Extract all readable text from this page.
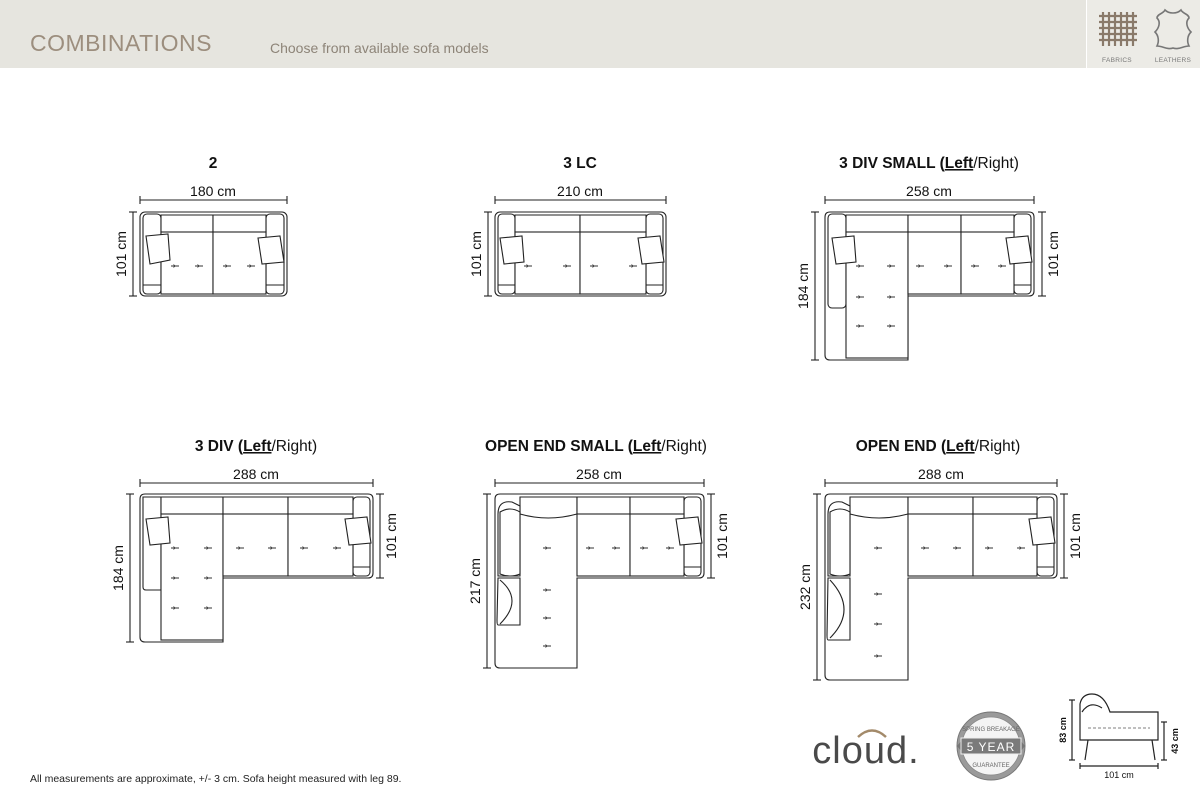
COMBINATIONS	Choose from available sofa models
FABRICS	LEATHERS
2
180 cm
101 cm
3 LC
210 cm
101 cm
3 DIV SMALL (Left/Right)
258 cm
101 cm
184 cm
3 DIV (Left/Right)
288 cm
101 cm
184 cm
OPEN END SMALL (Left/Right)
258 cm
101 cm
217 cm
OPEN END (Left/Right)
288 cm
101 cm
232 cm
cloud.	SPRING BREAKAGE
5 YEAR
GUARANTEE
83 cm	43 cm
101 cm
All measurements are approximate, +/- 3 cm. Sofa height measured with leg 89.
